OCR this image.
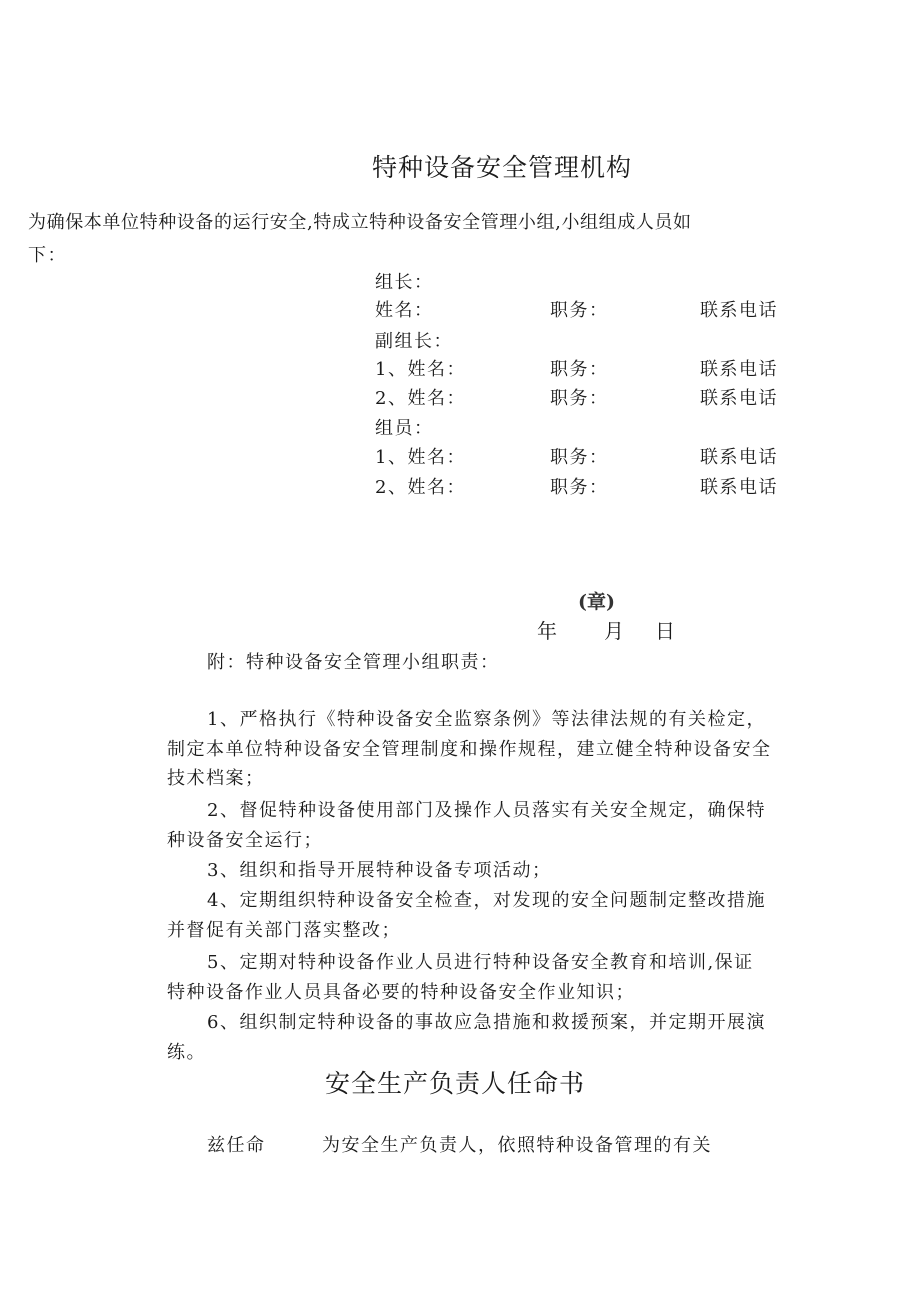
特种设备安全管理机构
为确保本单位特种设备的运行安全,特成立特种设备安全管理小组,小组组成人员如
下：
组长：
姓名：	职务：	联系电话
副组长：
1、姓名：	职务：	联系电话
2、姓名：	职务：	联系电话
组员：
1、姓名：	职务：	联系电话
2、姓名：	职务：	联系电话
(章)
年 月 日
附：特种设备安全管理小组职责：
1、严格执行《特种设备安全监察条例》等法律法规的有关检定，
制定本单位特种设备安全管理制度和操作规程，建立健全特种设备安全
技术档案；
2、督促特种设备使用部门及操作人员落实有关安全规定，确保特
种设备安全运行；
3、组织和指导开展特种设备专项活动；
4、定期组织特种设备安全检查，对发现的安全问题制定整改措施
并督促有关部门落实整改；
5、定期对特种设备作业人员进行特种设备安全教育和培训,保证
特种设备作业人员具备必要的特种设备安全作业知识；
6、组织制定特种设备的事故应急措施和救援预案，并定期开展演
练。
安全生产负责人任命书
兹任命	为安全生产负责人，依照特种设备管理的有关
